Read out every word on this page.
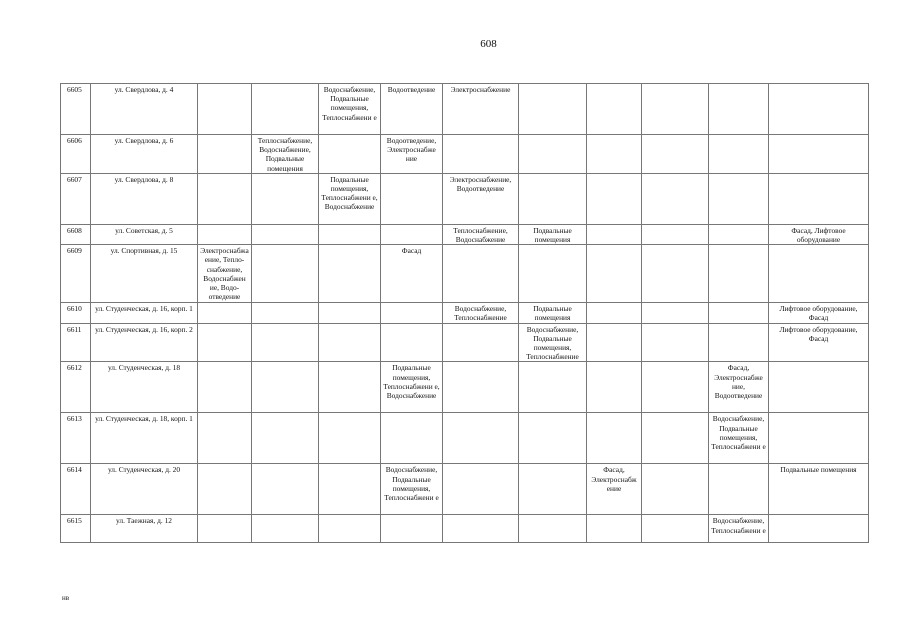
608
6605	ул. Свердлова, д. 4			Водоснабжение, Подвальные помещения, Теплоснабжени е	Водоотведение	Электроснабжение					
6606	ул. Свердлова, д. 6		Теплоснабжение, Водоснабжение, Подвальные помещения		Водоотведение, Электроснабже ние						
6607	ул. Свердлова, д. 8			Подвальные помещения, Теплоснабжени е, Водоснабжение		Электроснабжение, Водоотведение					
6608	ул. Советская, д. 5					Теплоснабжение, Водоснабжение	Подвальные помещения				Фасад, Лифтовое оборудование
6609	ул. Спортивная, д. 15	Электроснабжа ение, Тепло- снабжение, Водоснабжен ие, Водо- отведение			Фасад						
6610	ул. Студенческая, д. 16, корп. 1					Водоснабжение, Теплоснабжение	Подвальные помещения				Лифтовое оборудование, Фасад
6611	ул. Студенческая, д. 16, корп. 2						Водоснабжение, Подвальные помещения, Теплоснабжение				Лифтовое оборудование, Фасад
6612	ул. Студенческая, д. 18				Подвальные помещения, Теплоснабжени е, Водоснабжение					Фасад, Электроснабже ние, Водоотведение	
6613	ул. Студенческая, д. 18, корп. 1									Водоснабжение, Подвальные помещения, Теплоснабжени е	
6614	ул. Студенческая, д. 20				Водоснабжение, Подвальные помещения, Теплоснабжени е			Фасад, Электроснабж ение			Подвальные помещения
6615	ул. Таежная, д. 12									Водоснабжение, Теплоснабжени е	
нв
